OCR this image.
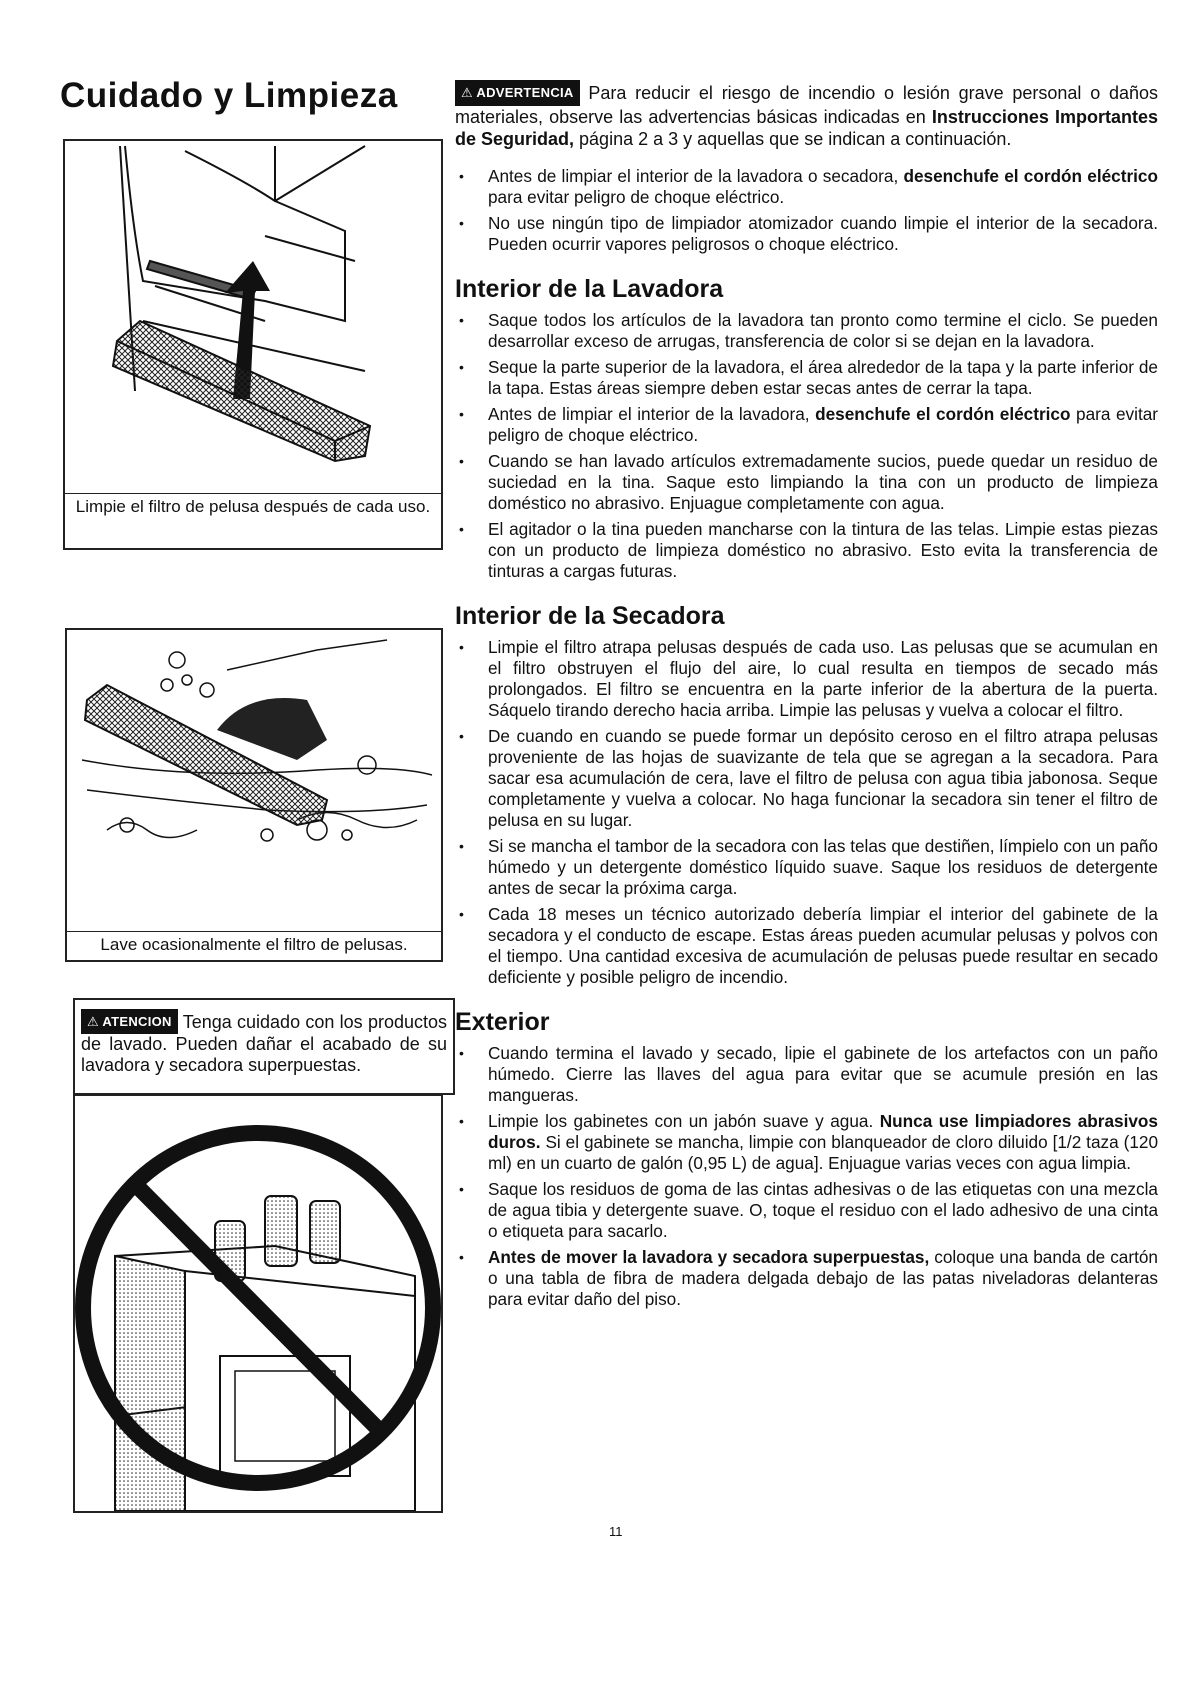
Cuidado y Limpieza
Limpie el filtro de pelusa después de cada uso.
Lave ocasionalmente el filtro de pelusas.
⚠ ATENCION Tenga cuidado con los productos de lavado. Pueden dañar el acabado de su lavadora y secadora superpuestas.
⚠ ADVERTENCIA Para reducir el riesgo de incendio o lesión grave personal o daños materiales, observe las advertencias básicas indicadas en Instrucciones Importantes de Seguridad, página 2 a 3 y aquellas que se indican a continuación.
• Antes de limpiar el interior de la lavadora o secadora, desenchufe el cordón eléctrico para evitar peligro de choque eléctrico.
• No use ningún tipo de limpiador atomizador cuando limpie el interior de la secadora. Pueden ocurrir vapores peligrosos o choque eléctrico.
Interior de la Lavadora
• Saque todos los artículos de la lavadora tan pronto como termine el ciclo. Se pueden desarrollar exceso de arrugas, transferencia de color si se dejan en la lavadora.
• Seque la parte superior de la lavadora, el área alrededor de la tapa y la parte inferior de la tapa. Estas áreas siempre deben estar secas antes de cerrar la tapa.
• Antes de limpiar el interior de la lavadora, desenchufe el cordón eléctrico para evitar peligro de choque eléctrico.
• Cuando se han lavado artículos extremadamente sucios, puede quedar un residuo de suciedad en la tina. Saque esto limpiando la tina con un producto de limpieza doméstico no abrasivo. Enjuague completamente con agua.
• El agitador o la tina pueden mancharse con la tintura de las telas. Limpie estas piezas con un producto de limpieza doméstico no abrasivo. Esto evita la transferencia de tinturas a cargas futuras.
Interior de la Secadora
• Limpie el filtro atrapa pelusas después de cada uso. Las pelusas que se acumulan en el filtro obstruyen el flujo del aire, lo cual resulta en tiempos de secado más prolongados. El filtro se encuentra en la parte inferior de la abertura de la puerta. Sáquelo tirando derecho hacia arriba. Limpie las pelusas y vuelva a colocar el filtro.
• De cuando en cuando se puede formar un depósito ceroso en el filtro atrapa pelusas proveniente de las hojas de suavizante de tela que se agregan a la secadora. Para sacar esa acumulación de cera, lave el filtro de pelusa con agua tibia jabonosa. Seque completamente y vuelva a colocar. No haga funcionar la secadora sin tener el filtro de pelusa en su lugar.
• Si se mancha el tambor de la secadora con las telas que destiñen, límpielo con un paño húmedo y un detergente doméstico líquido suave. Saque los residuos de detergente antes de secar la próxima carga.
• Cada 18 meses un técnico autorizado debería limpiar el interior del gabinete de la secadora y el conducto de escape. Estas áreas pueden acumular pelusas y polvos con el tiempo. Una cantidad excesiva de acumulación de pelusas puede resultar en secado deficiente y posible peligro de incendio.
Exterior
• Cuando termina el lavado y secado, lipie el gabinete de los artefactos con un paño húmedo. Cierre las llaves del agua para evitar que se acumule presión en las mangueras.
• Limpie los gabinetes con un jabón suave y agua. Nunca use limpiadores abrasivos duros. Si el gabinete se mancha, limpie con blanqueador de cloro diluido [1/2 taza (120 ml) en un cuarto de galón (0,95 L) de agua]. Enjuague varias veces con agua limpia.
• Saque los residuos de goma de las cintas adhesivas o de las etiquetas con una mezcla de agua tibia y detergente suave. O, toque el residuo con el lado adhesivo de una cinta o etiqueta para sacarlo.
• Antes de mover la lavadora y secadora superpuestas, coloque una banda de cartón o una tabla de fibra de madera delgada debajo de las patas niveladoras delanteras para evitar daño del piso.
11
